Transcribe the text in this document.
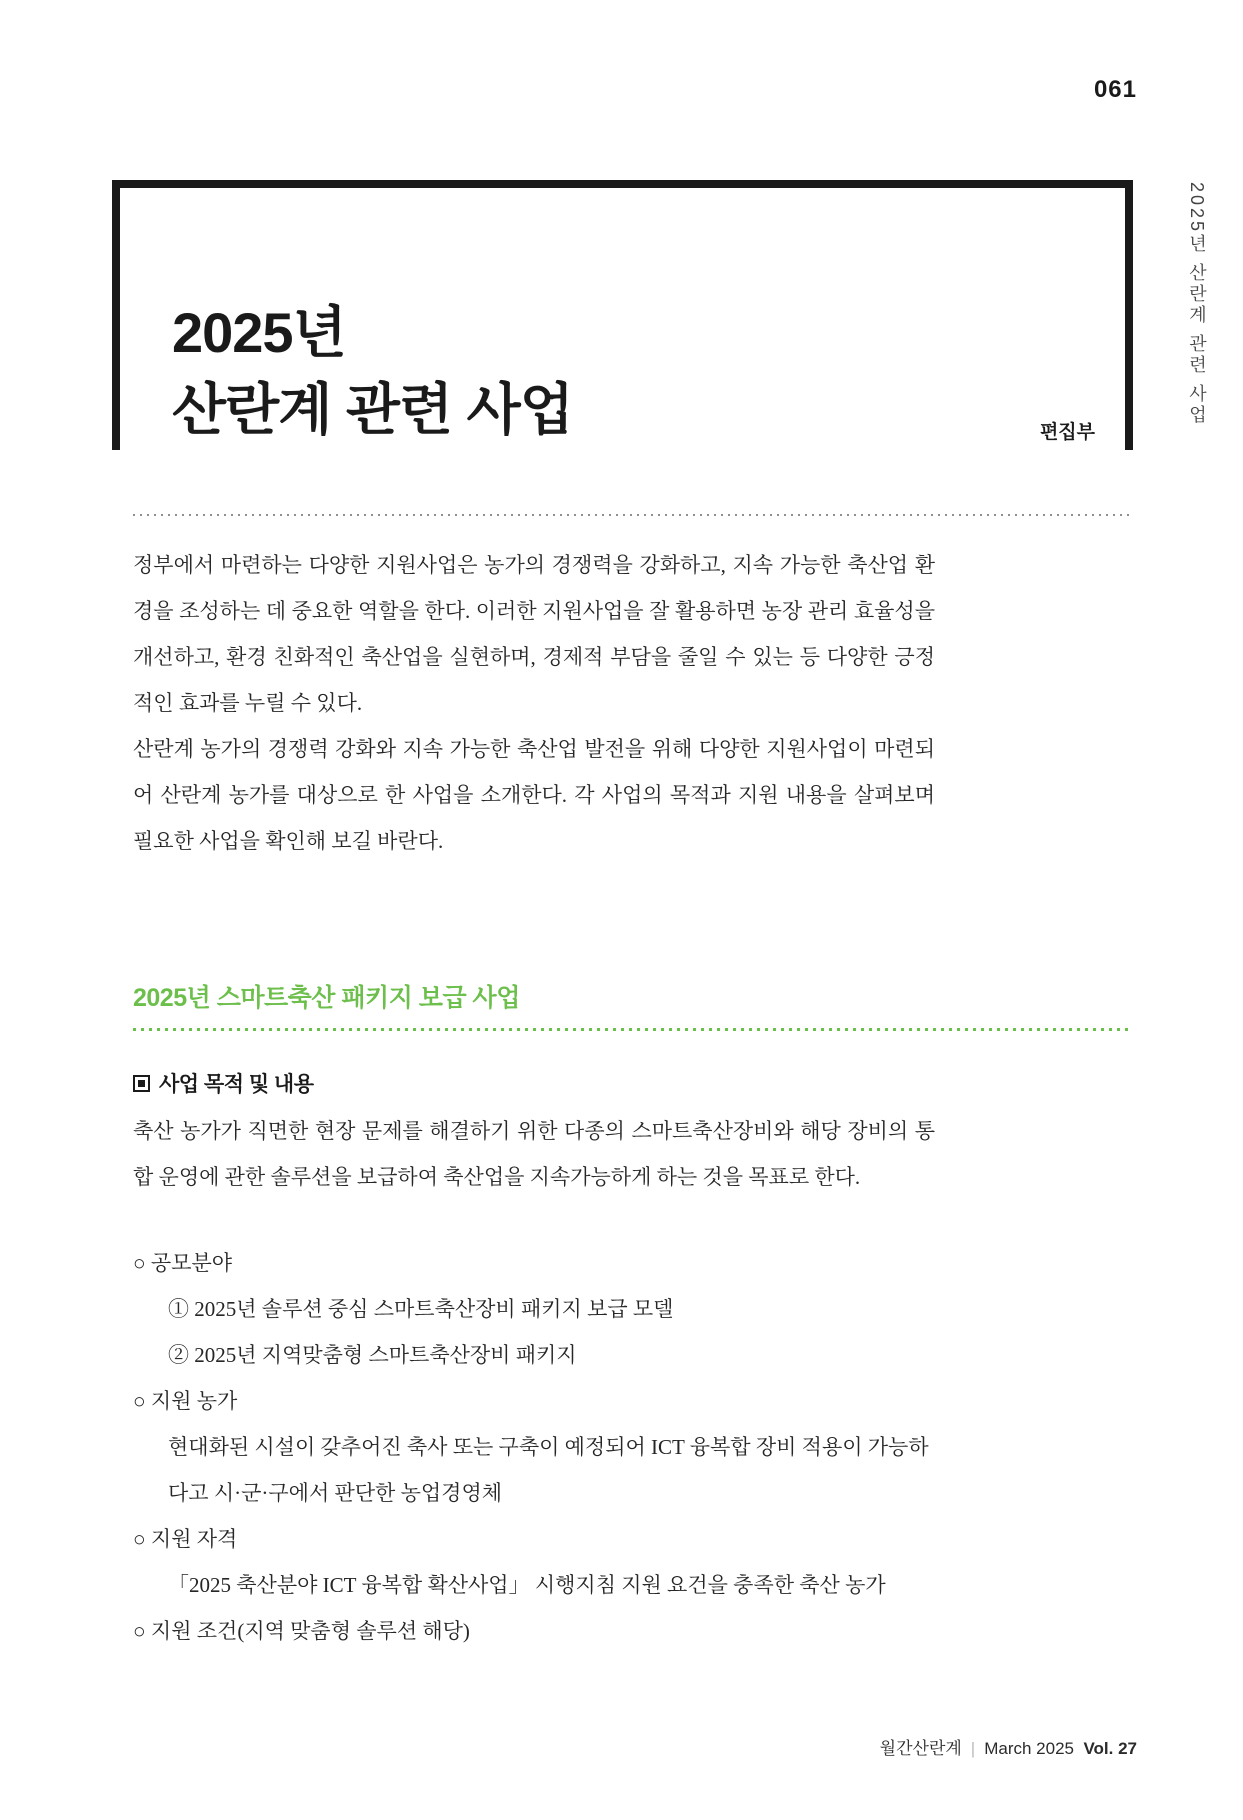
061
2025년
산란계 관련 사업	편집부
2025년 산란계 관련 사업

정부에서 마련하는 다양한 지원사업은 농가의 경쟁력을 강화하고, 지속 가능한 축산업 환경을 조성하는 데 중요한 역할을 한다. 이러한 지원사업을 잘 활용하면 농장 관리 효율성을 개선하고, 환경 친화적인 축산업을 실현하며, 경제적 부담을 줄일 수 있는 등 다양한 긍정적인 효과를 누릴 수 있다.

산란계 농가의 경쟁력 강화와 지속 가능한 축산업 발전을 위해 다양한 지원사업이 마련되어 산란계 농가를 대상으로 한 사업을 소개한다. 각 사업의 목적과 지원 내용을 살펴보며 필요한 사업을 확인해 보길 바란다.

2025년 스마트축산 패키지 보급 사업
사업 목적 및 내용
축산 농가가 직면한 현장 문제를 해결하기 위한 다종의 스마트축산장비와 해당 장비의 통합 운영에 관한 솔루션을 보급하여 축산업을 지속가능하게 하는 것을 목표로 한다.
○ 공모분야
① 2025년 솔루션 중심 스마트축산장비 패키지 보급 모델
② 2025년 지역맞춤형 스마트축산장비 패키지
○ 지원 농가
현대화된 시설이 갖추어진 축사 또는 구축이 예정되어 ICT 융복합 장비 적용이 가능하다고 시·군·구에서 판단한 농업경영체
○ 지원 자격
「2025 축산분야 ICT 융복합 확산사업」 시행지침 지원 요건을 충족한 축산 농가
○ 지원 조건(지역 맞춤형 솔루션 해당)
월간산란계 | March 2025 Vol. 27
